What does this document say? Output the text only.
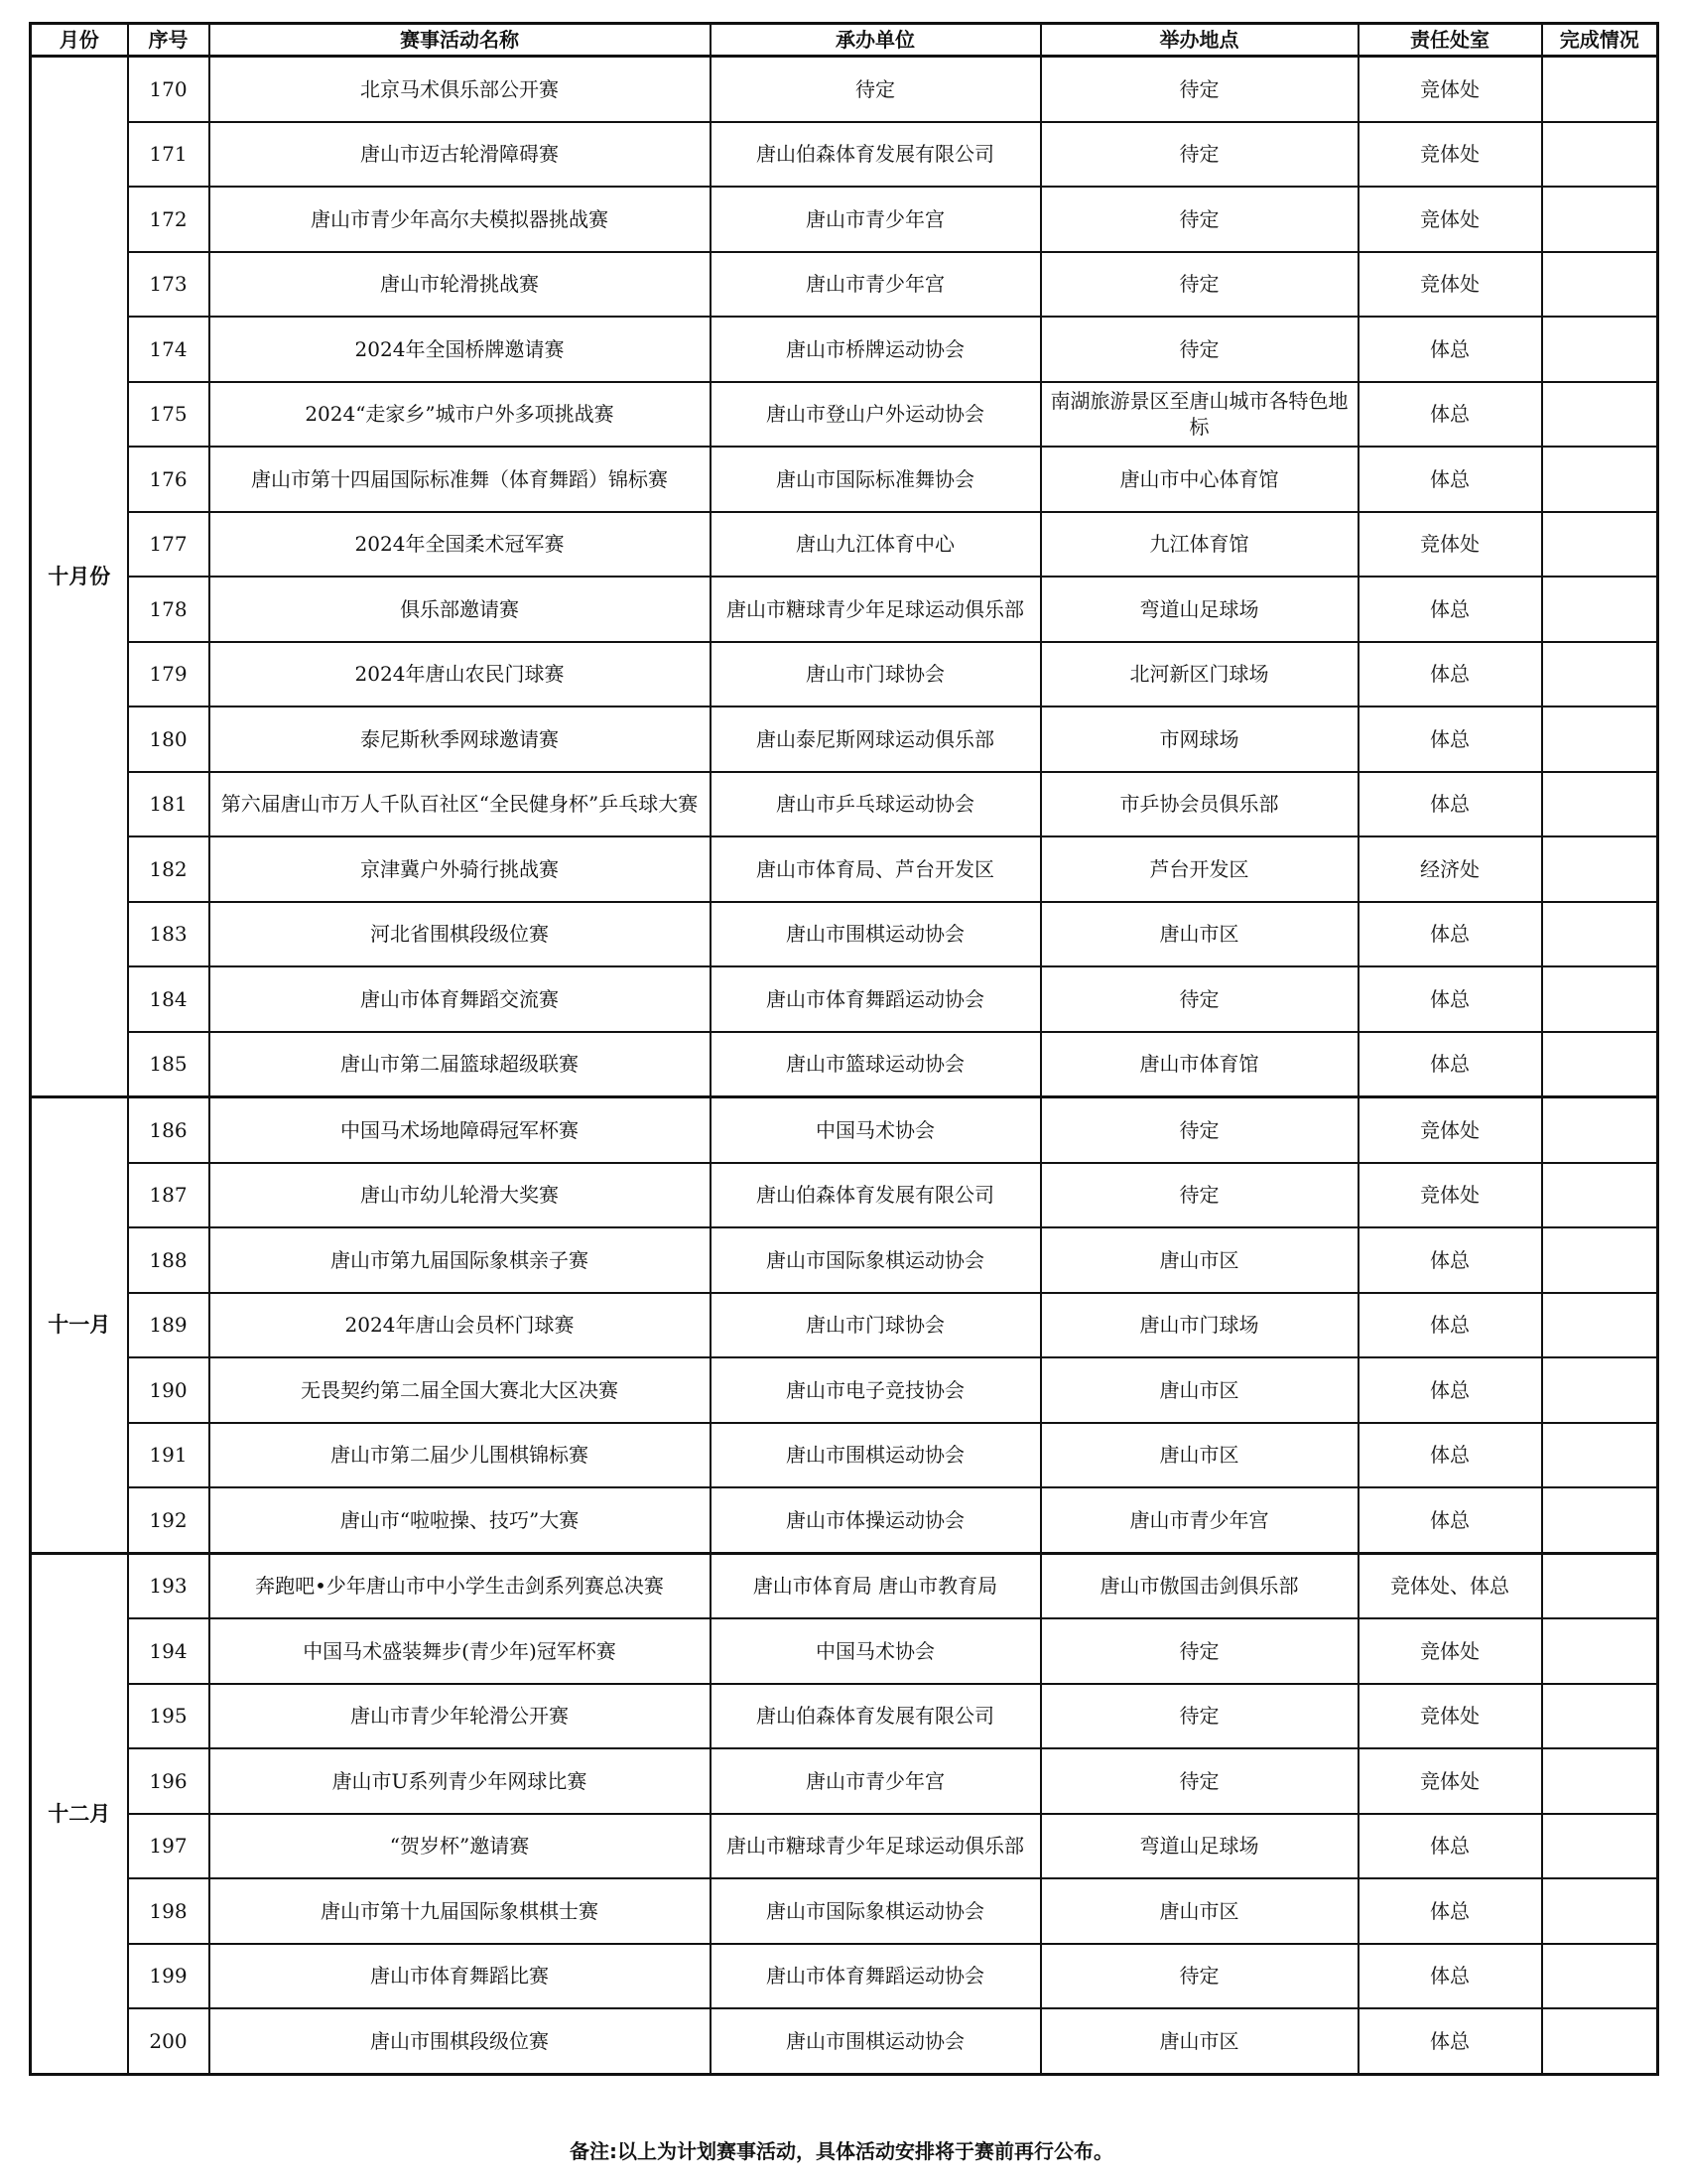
月份	序号	赛事活动名称	承办单位	举办地点	责任处室	完成情况
十月份	170	北京马术俱乐部公开赛	待定	待定	竞体处	
	171	唐山市迈古轮滑障碍赛	唐山伯森体育发展有限公司	待定	竞体处	
	172	唐山市青少年高尔夫模拟器挑战赛	唐山市青少年宫	待定	竞体处	
	173	唐山市轮滑挑战赛	唐山市青少年宫	待定	竞体处	
	174	2024年全国桥牌邀请赛	唐山市桥牌运动协会	待定	体总	
	175	2024“走家乡”城市户外多项挑战赛	唐山市登山户外运动协会	南湖旅游景区至唐山城市各特色地标	体总	
	176	唐山市第十四届国际标准舞（体育舞蹈）锦标赛	唐山市国际标准舞协会	唐山市中心体育馆	体总	
	177	2024年全国柔术冠军赛	唐山九江体育中心	九江体育馆	竞体处	
	178	俱乐部邀请赛	唐山市糖球青少年足球运动俱乐部	弯道山足球场	体总	
	179	2024年唐山农民门球赛	唐山市门球协会	北河新区门球场	体总	
	180	泰尼斯秋季网球邀请赛	唐山泰尼斯网球运动俱乐部	市网球场	体总	
	181	第六届唐山市万人千队百社区“全民健身杯”乒乓球大赛	唐山市乒乓球运动协会	市乒协会员俱乐部	体总	
	182	京津冀户外骑行挑战赛	唐山市体育局、芦台开发区	芦台开发区	经济处	
	183	河北省围棋段级位赛	唐山市围棋运动协会	唐山市区	体总	
	184	唐山市体育舞蹈交流赛	唐山市体育舞蹈运动协会	待定	体总	
	185	唐山市第二届篮球超级联赛	唐山市篮球运动协会	唐山市体育馆	体总	
十一月	186	中国马术场地障碍冠军杯赛	中国马术协会	待定	竞体处	
	187	唐山市幼儿轮滑大奖赛	唐山伯森体育发展有限公司	待定	竞体处	
	188	唐山市第九届国际象棋亲子赛	唐山市国际象棋运动协会	唐山市区	体总	
	189	2024年唐山会员杯门球赛	唐山市门球协会	唐山市门球场	体总	
	190	无畏契约第二届全国大赛北大区决赛	唐山市电子竞技协会	唐山市区	体总	
	191	唐山市第二届少儿围棋锦标赛	唐山市围棋运动协会	唐山市区	体总	
	192	唐山市“啦啦操、技巧”大赛	唐山市体操运动协会	唐山市青少年宫	体总	
十二月	193	奔跑吧•少年唐山市中小学生击剑系列赛总决赛	唐山市体育局 唐山市教育局	唐山市傲国击剑俱乐部	竞体处、体总	
	194	中国马术盛装舞步(青少年)冠军杯赛	中国马术协会	待定	竞体处	
	195	唐山市青少年轮滑公开赛	唐山伯森体育发展有限公司	待定	竞体处	
	196	唐山市U系列青少年网球比赛	唐山市青少年宫	待定	竞体处	
	197	“贺岁杯”邀请赛	唐山市糖球青少年足球运动俱乐部	弯道山足球场	体总	
	198	唐山市第十九届国际象棋棋士赛	唐山市国际象棋运动协会	唐山市区	体总	
	199	唐山市体育舞蹈比赛	唐山市体育舞蹈运动协会	待定	体总	
	200	唐山市围棋段级位赛	唐山市围棋运动协会	唐山市区	体总	
备注:以上为计划赛事活动，具体活动安排将于赛前再行公布。
